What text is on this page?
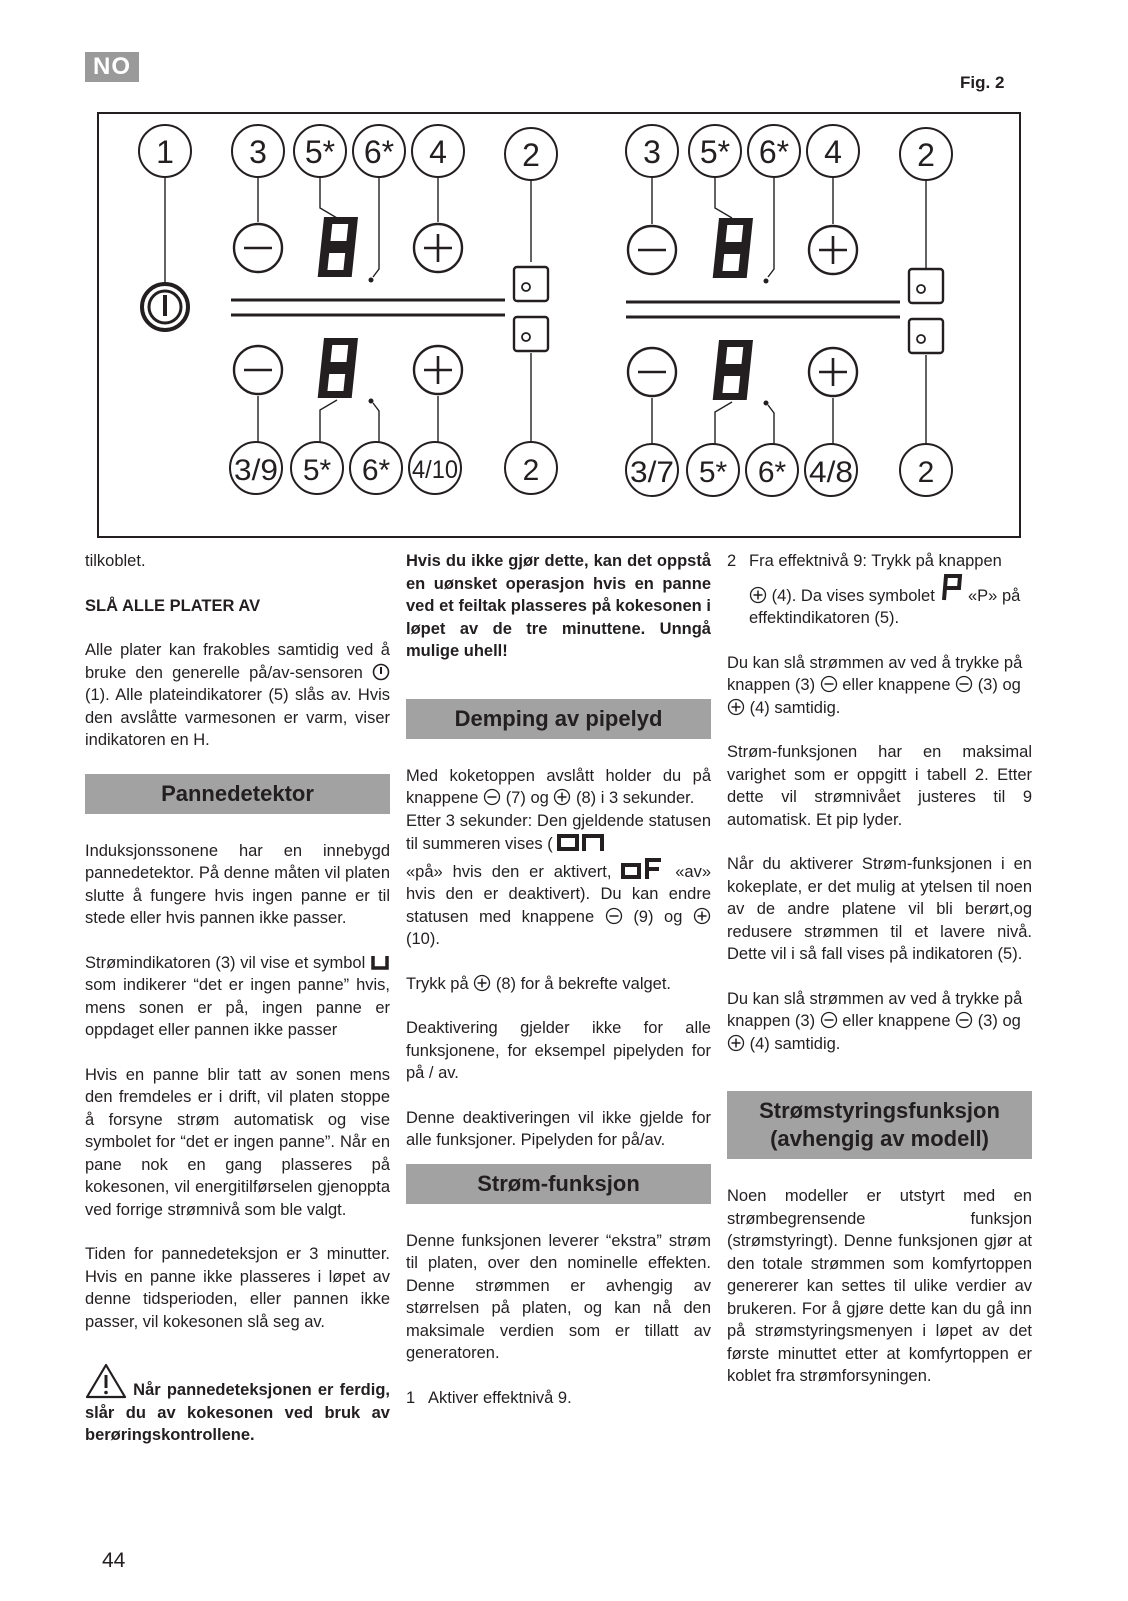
NO
Fig. 2
1 3 5* 6* 4 2
3/9 5* 6* 4/10 2
3 5* 6* 4 2
3/7 5* 6* 4/8 2

tilkoblet.

SLÅ ALLE PLATER AV

Alle plater kan frakobles samtidig ved å bruke den generelle på/av-sensoren  (1). Alle plateindikatorer (5) slås av. Hvis den avslåtte varmesonen er varm, viser indikatoren en H.

Pannedetektor

Induksjonssonene har en innebygd pannedetektor. På denne måten vil platen slutte å fungere hvis ingen panne er til stede eller hvis pannen ikke passer.

Strømindikatoren (3) vil vise et symbol  som indikerer “det er ingen panne” hvis, mens sonen er på, ingen panne er oppdaget eller pannen ikke passer

Hvis en panne blir tatt av sonen mens den fremdeles er i drift, vil platen stoppe å forsyne strøm automatisk og vise symbolet for “det er ingen panne”. Når en pane nok en gang plasseres på kokesonen, vil energitilførselen gjenoppta ved forrige strømnivå som ble valgt.

Tiden for pannedeteksjon er 3 minutter. Hvis en panne ikke plasseres i løpet av denne tidsperioden, eller pannen ikke passer, vil kokesonen slå seg av.

Når pannedeteksjonen er ferdig, slår du av kokesonen ved bruk av berøringskontrollene.

Hvis du ikke gjør dette, kan det oppstå en uønsket operasjon hvis en panne ved et feiltak plasseres på kokesonen i løpet av de tre minuttene. Unngå mulige uhell!

Demping av pipelyd

Med koketoppen avslått holder du på knappene (7) og (8) i 3 sekunder.

Etter 3 sekunder: Den gjeldende statusen til summeren vises (
«på» hvis den er aktivert,	«av» hvis den er deaktivert). Du kan endre statusen med knappene (9) og  (10).

Trykk på (8) for å bekrefte valget.

Deaktivering gjelder ikke for alle funksjonene, for eksempel pipelyden for på / av.

Denne deaktiveringen vil ikke gjelde for alle funksjoner. Pipelyden for på/av.

Strøm-funksjon

Denne funksjonen leverer “ekstra” strøm til platen, over den nominelle effekten. Denne strømmen er avhengig av størrelsen på platen, og kan nå den maksimale verdien som er tillatt av generatoren.

1 Aktiver effektnivå 9.
2 Fra effektnivå 9: Trykk på knappen
(4). Da vises symbolet «P» på effektindikatoren (5).

Du kan slå strømmen av ved å trykke på knappen (3) eller knappene (3) og  (4) samtidig.

Strøm-funksjonen har en maksimal varighet som er oppgitt i tabell 2. Etter dette vil strømnivået justeres til 9 automatisk. Et pip lyder.

Når du aktiverer Strøm-funksjonen i en kokeplate, er det mulig at ytelsen til noen av de andre platene vil bli berørt,og redusere strømmen til et lavere nivå. Dette vil i så fall vises på indikatoren (5).

Du kan slå strømmen av ved å trykke på knappen (3) eller knappene (3) og  (4) samtidig.

Strømstyringsfunksjon (avhengig av modell)

Noen modeller er utstyrt med en strømbegrensende funksjon (strømstyringt). Denne funksjonen gjør at den totale strømmen som komfyrtoppen genererer kan settes til ulike verdier av brukeren. For å gjøre dette kan du gå inn på strømstyringsmenyen i løpet av det første minuttet etter at komfyrtoppen er koblet fra strømforsyningen.

44
